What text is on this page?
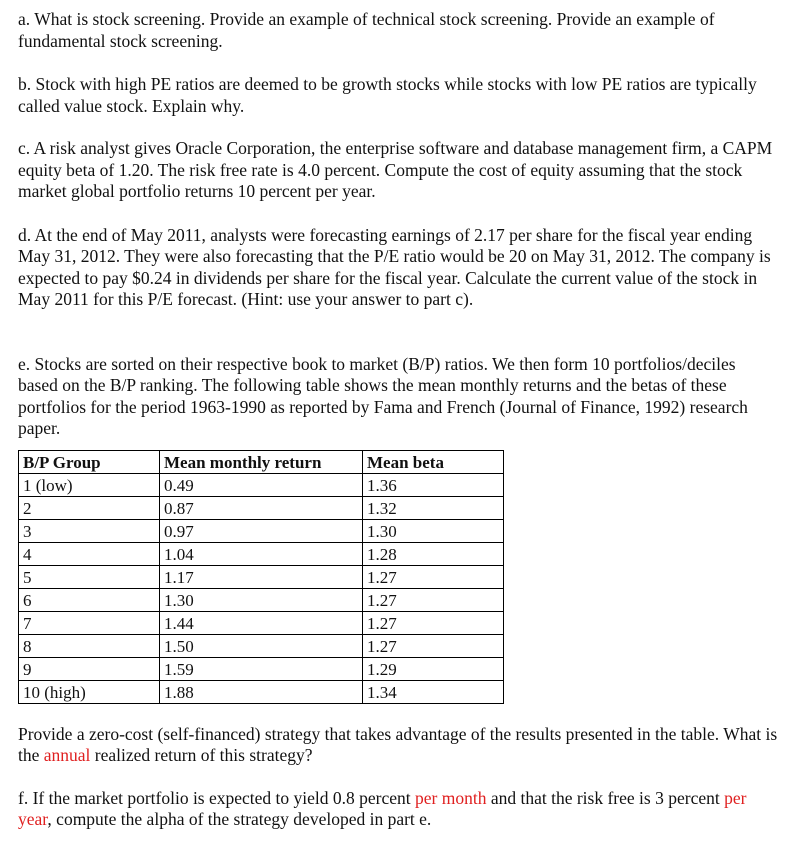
a. What is stock screening. Provide an example of technical stock screening. Provide an example of fundamental stock screening.

b. Stock with high PE ratios are deemed to be growth stocks while stocks with low PE ratios are typically called value stock. Explain why.

c. A risk analyst gives Oracle Corporation, the enterprise software and database management firm, a CAPM equity beta of 1.20. The risk free rate is 4.0 percent. Compute the cost of equity assuming that the stock market global portfolio returns 10 percent per year.

d. At the end of May 2011, analysts were forecasting earnings of 2.17 per share for the fiscal year ending May 31, 2012. They were also forecasting that the P/E ratio would be 20 on May 31, 2012. The company is expected to pay $0.24 in dividends per share for the fiscal year. Calculate the current value of the stock in May 2011 for this P/E forecast. (Hint: use your answer to part c).

e. Stocks are sorted on their respective book to market (B/P) ratios. We then form 10 portfolios/deciles based on the B/P ranking. The following table shows the mean monthly returns and the betas of these portfolios for the period 1963-1990 as reported by Fama and French (Journal of Finance, 1992) research paper.

B/P Group	Mean monthly return	Mean beta
1 (low)	0.49	1.36
2	0.87	1.32
3	0.97	1.30
4	1.04	1.28
5	1.17	1.27
6	1.30	1.27
7	1.44	1.27
8	1.50	1.27
9	1.59	1.29
10 (high)	1.88	1.34

Provide a zero-cost (self-financed) strategy that takes advantage of the results presented in the table. What is the annual realized return of this strategy?

f. If the market portfolio is expected to yield 0.8 percent per month and that the risk free is 3 percent per year, compute the alpha of the strategy developed in part e.
